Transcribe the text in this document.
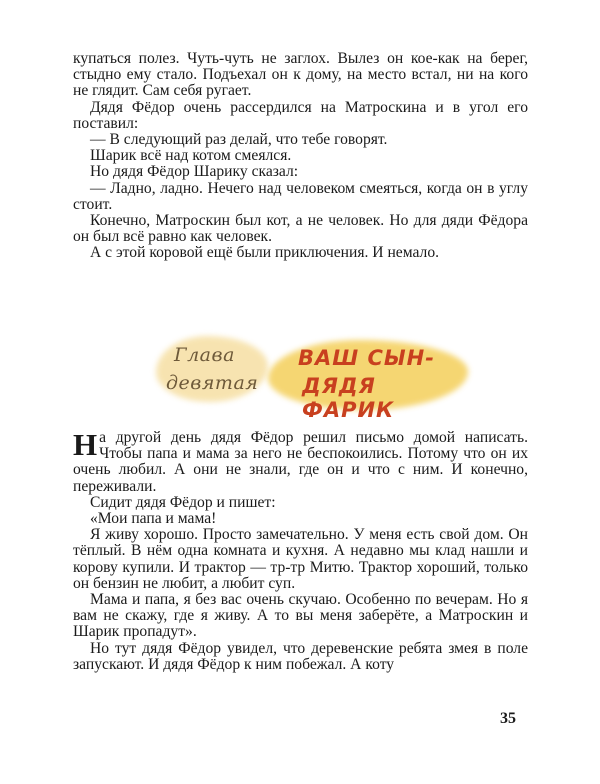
купаться полез. Чуть-чуть не заглох. Вылез он кое-как на берег, стыдно ему стало. Подъехал он к дому, на место встал, ни на кого не глядит. Сам себя ругает.

Дядя Фёдор очень рассердился на Матроскина и в угол его поставил:

— В следующий раз делай, что тебе говорят.

Шарик всё над котом смеялся.

Но дядя Фёдор Шарику сказал:

— Ладно, ладно. Нечего над человеком смеяться, когда он в углу стоит.

Конечно, Матроскин был кот, а не человек. Но для дяди Фёдора он был всё равно как человек.

А с этой коровой ещё были приключения. И немало.

Глава
девятая
ВАШ СЫН-
ДЯДЯ ФАРИК

На другой день дядя Фёдор решил письмо домой написать. Чтобы папа и мама за него не беспокоились. Потому что он их очень любил. А они не знали, где он и что с ним. И конечно, переживали.

Сидит дядя Фёдор и пишет:

«Мои папа и мама!

Я живу хорошо. Просто замечательно. У меня есть свой дом. Он тёплый. В нём одна комната и кухня. А недавно мы клад нашли и корову купили. И трактор — тр-тр Митю. Трактор хороший, только он бензин не любит, а любит суп.

Мама и папа, я без вас очень скучаю. Особенно по вечерам. Но я вам не скажу, где я живу. А то вы меня заберёте, а Матроскин и Шарик пропадут».

Но тут дядя Фёдор увидел, что деревенские ребята змея в поле запускают. И дядя Фёдор к ним побежал. А коту

35
